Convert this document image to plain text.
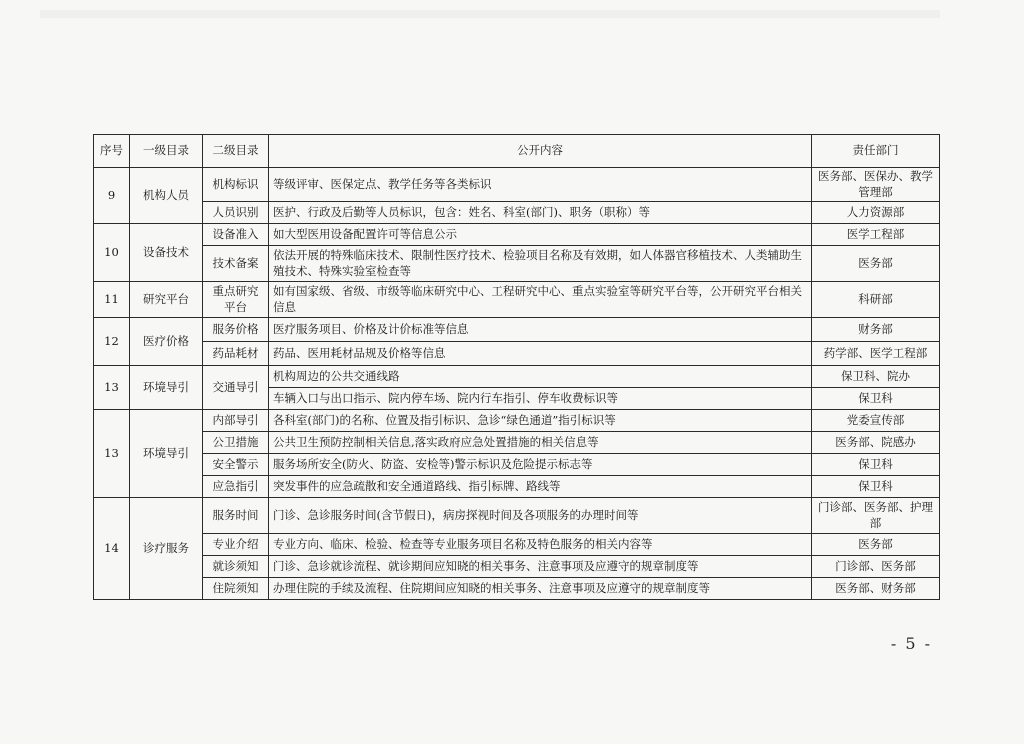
序号	一级目录	二级目录	公开内容	责任部门
9	机构人员	机构标识	等级评审、医保定点、教学任务等各类标识	医务部、医保办、教学管理部
		人员识别	医护、行政及后勤等人员标识，包含：姓名、科室(部门)、职务（职称）等	人力资源部
10	设备技术	设备准入	如大型医用设备配置许可等信息公示	医学工程部
		技术备案	依法开展的特殊临床技术、限制性医疗技术、检验项目名称及有效期，如人体器官移植技术、人类辅助生殖技术、特殊实验室检查等	医务部
11	研究平台	重点研究平台	如有国家级、省级、市级等临床研究中心、工程研究中心、重点实验室等研究平台等，公开研究平台相关信息	科研部
12	医疗价格	服务价格	医疗服务项目、价格及计价标准等信息	财务部
		药品耗材	药品、医用耗材品规及价格等信息	药学部、医学工程部
13	环境导引	交通导引	机构周边的公共交通线路	保卫科、院办
			车辆入口与出口指示、院内停车场、院内行车指引、停车收费标识等	保卫科
13	环境导引	内部导引	各科室(部门)的名称、位置及指引标识、急诊“绿色通道”指引标识等	党委宣传部
		公卫措施	公共卫生预防控制相关信息,落实政府应急处置措施的相关信息等	医务部、院感办
		安全警示	服务场所安全(防火、防盗、安检等)警示标识及危险提示标志等	保卫科
		应急指引	突发事件的应急疏散和安全通道路线、指引标牌、路线等	保卫科
14	诊疗服务	服务时间	门诊、急诊服务时间(含节假日)，病房探视时间及各项服务的办理时间等	门诊部、医务部、护理部
		专业介绍	专业方向、临床、检验、检查等专业服务项目名称及特色服务的相关内容等	医务部
		就诊须知	门诊、急诊就诊流程、就诊期间应知晓的相关事务、注意事项及应遵守的规章制度等	门诊部、医务部
		住院须知	办理住院的手续及流程、住院期间应知晓的相关事务、注意事项及应遵守的规章制度等	医务部、财务部
- 5 -
